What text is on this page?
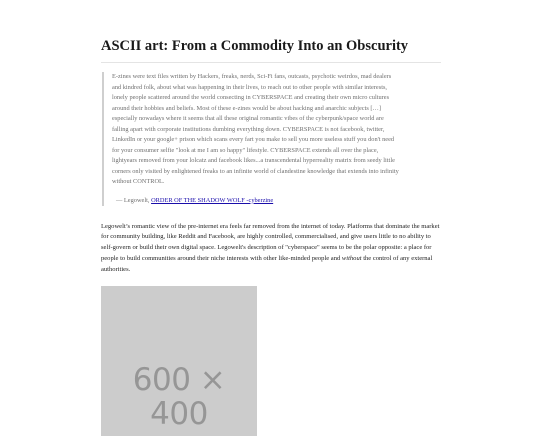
ASCII art: From a Commodity Into an Obscurity

E-zines were text files written by Hackers, freaks, nerds, Sci-Fi fans, outcasts, psychotic weirdos, mad dealers and kindred folk, about what was happening in their lives, to reach out to other people with similar interests, lonely people scattered around the world consecting in CYBERSPACE and creating their own micro cultures around their hobbies and beliefs. Most of these e-zines would be about hacking and anarchic subjects […] especially nowadays where it seems that all these original romantic vibes of the cyberpunk/space world are falling apart with corporate institutions dumbing everything down. CYBERSPACE is not facebook, twitter, LinkedIn or your google+ prison which scans every fart you make to sell you more useless stuff you don't need for your consumer selfie "look at me I am so happy" lifestyle. CYBERSPACE extends all over the place, lightyears removed from your lolcatz and facebook likes...a transcendental hyperreality matrix from seedy little corners only visited by enlightened freaks to an infinite world of clandestine knowledge that extends into infinity without CONTROL.

— Legowelt, ORDER OF THE SHADOW WOLF -cyberzine

Legowelt’s romantic view of the pre-internet era feels far removed from the internet of today. Platforms that dominate the market for community building, like Reddit and Facebook, are highly controlled, commercialised, and give users little to no ability to self-govern or build their own digital space. Legowelt's description of "cyberspace" seems to be the polar opposite: a place for people to build communities around their niche interests with other like-minded people and without the control of any external authorities.

600 × 400
